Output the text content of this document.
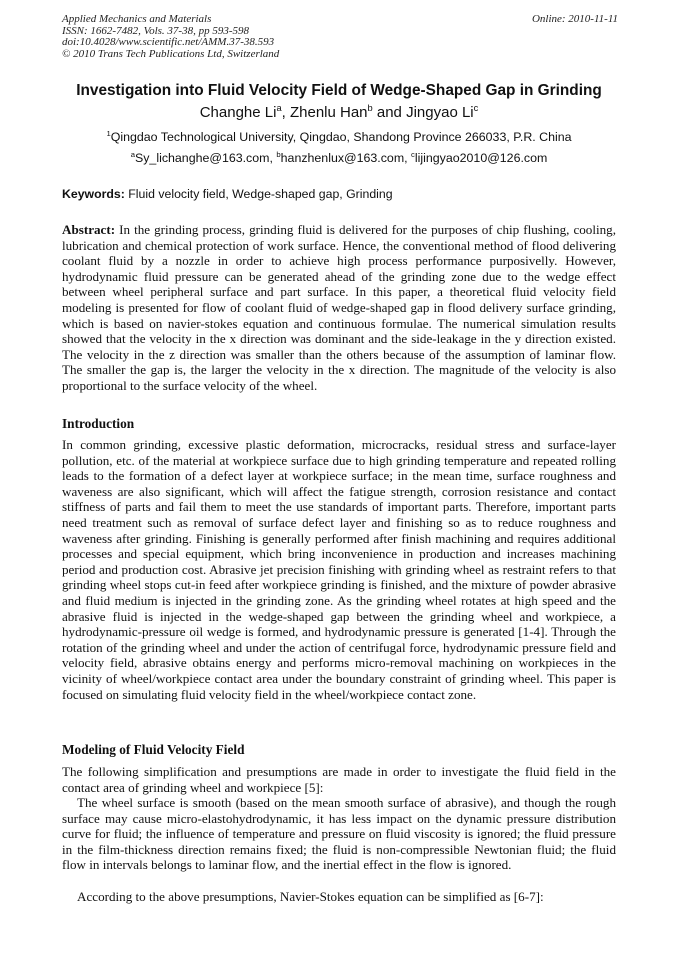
Applied Mechanics and Materials
ISSN: 1662-7482, Vols. 37-38, pp 593-598
doi:10.4028/www.scientific.net/AMM.37-38.593
© 2010 Trans Tech Publications Ltd, Switzerland
Online: 2010-11-11
Investigation into Fluid Velocity Field of Wedge-Shaped Gap in Grinding
Changhe Li$^a$, Zhenlu Han$^b$ and Jingyao Li$^c$
$^1$Qingdao Technological University, Qingdao, Shandong Province 266033, P.R. China
$^a$Sy_lichanghe@163.com, $^b$hanzhenlux@163.com, $^c$lijingyao2010@126.com
Keywords: Fluid velocity field, Wedge-shaped gap, Grinding

Abstract: In the grinding process, grinding fluid is delivered for the purposes of chip flushing, cooling, lubrication and chemical protection of work surface. Hence, the conventional method of flood delivering coolant fluid by a nozzle in order to achieve high process performance purposivelly. However, hydrodynamic fluid pressure can be generated ahead of the grinding zone due to the wedge effect between wheel peripheral surface and part surface. In this paper, a theoretical fluid velocity field modeling is presented for flow of coolant fluid of wedge-shaped gap in flood delivery surface grinding, which is based on navier-stokes equation and continuous formulae. The numerical simulation results showed that the velocity in the x direction was dominant and the side-leakage in the y direction existed. The velocity in the z direction was smaller than the others because of the assumption of laminar flow. The smaller the gap is, the larger the velocity in the x direction. The magnitude of the velocity is also proportional to the surface velocity of the wheel.

Introduction

In common grinding, excessive plastic deformation, microcracks, residual stress and surface-layer pollution, etc. of the material at workpiece surface due to high grinding temperature and repeated rolling leads to the formation of a defect layer at workpiece surface; in the mean time, surface roughness and waveness are also significant, which will affect the fatigue strength, corrosion resistance and contact stiffness of parts and fail them to meet the use standards of important parts. Therefore, important parts need treatment such as removal of surface defect layer and finishing so as to reduce roughness and waveness after grinding. Finishing is generally performed after finish machining and requires additional processes and special equipment, which bring inconvenience in production and increases machining period and production cost. Abrasive jet precision finishing with grinding wheel as restraint refers to that grinding wheel stops cut-in feed after workpiece grinding is finished, and the mixture of powder abrasive and fluid medium is injected in the grinding zone. As the grinding wheel rotates at high speed and the abrasive fluid is injected in the wedge-shaped gap between the grinding wheel and workpiece, a hydrodynamic-pressure oil wedge is formed, and hydrodynamic pressure is generated [1-4]. Through the rotation of the grinding wheel and under the action of centrifugal force, hydrodynamic pressure field and velocity field, abrasive obtains energy and performs micro-removal machining on workpieces in the vicinity of wheel/workpiece contact area under the boundary constraint of grinding wheel. This paper is focused on simulating fluid velocity field in the wheel/workpiece contact zone.

Modeling of Fluid Velocity Field

The following simplification and presumptions are made in order to investigate the fluid field in the contact area of grinding wheel and workpiece [5]:

The wheel surface is smooth (based on the mean smooth surface of abrasive), and though the rough surface may cause micro-elastohydrodynamic, it has less impact on the dynamic pressure distribution curve for fluid; the influence of temperature and pressure on fluid viscosity is ignored; the fluid pressure in the film-thickness direction remains fixed; the fluid is non-compressible Newtonian fluid; the fluid flow in intervals belongs to laminar flow, and the inertial effect in the flow is ignored.

According to the above presumptions, Navier-Stokes equation can be simplified as [6-7]:
